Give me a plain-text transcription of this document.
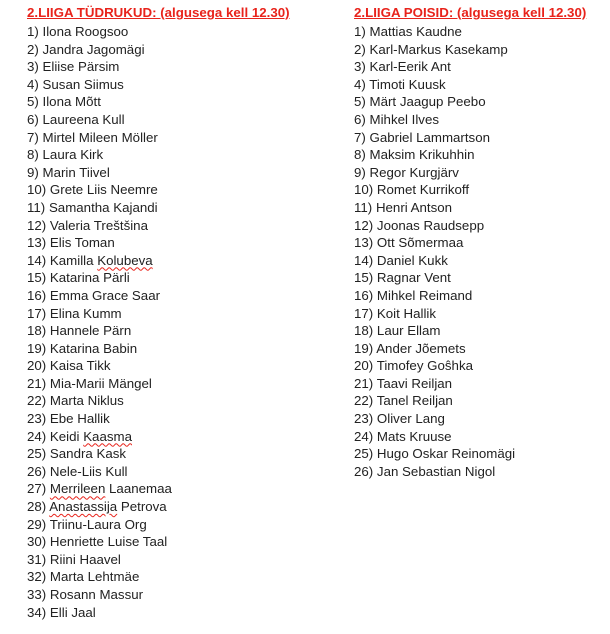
2.LIIGA TÜDRUKUD: (algusega kell 12.30)
1) Ilona Roogsoo
2) Jandra Jagomägi
3) Eliise Pärsim
4) Susan Siimus
5) Ilona Mõtt
6) Laureena Kull
7) Mirtel Mileen Möller
8) Laura Kirk
9) Marin Tiivel
10) Grete Liis Neemre
11) Samantha Kajandi
12) Valeria Treštšina
13) Elis Toman
14) Kamilla Kolubeva
15) Katarina Pärli
16) Emma Grace Saar
17) Elina Kumm
18) Hannele Pärn
19) Katarina Babin
20) Kaisa Tikk
21) Mia-Marii Mängel
22) Marta Niklus
23) Ebe Hallik
24) Keidi Kaasma
25) Sandra Kask
26) Nele-Liis Kull
27) Merrileen Laanemaa
28) Anastassija Petrova
29) Triinu-Laura Org
30) Henriette Luise Taal
31) Riini Haavel
32) Marta Lehtmäe
33) Rosann Massur
34) Elli Jaal
2.LIIGA POISID: (algusega kell 12.30)
1) Mattias Kaudne
2) Karl-Markus Kasekamp
3) Karl-Eerik Ant
4) Timoti Kuusk
5) Märt Jaagup Peebo
6) Mihkel Ilves
7) Gabriel Lammartson
8) Maksim Krikuhhin
9) Regor Kurgjärv
10) Romet Kurrikoff
11) Henri Antson
12) Joonas Raudsepp
13) Ott Sõmermaa
14) Daniel Kukk
15) Ragnar Vent
16) Mihkel Reimand
17) Koit Hallik
18) Laur Ellam
19) Ander Jõemets
20) Timofey Goŝhka
21) Taavi Reiljan
22) Tanel Reiljan
23) Oliver Lang
24) Mats Kruuse
25) Hugo Oskar Reinomägi
26) Jan Sebastian Nigol
